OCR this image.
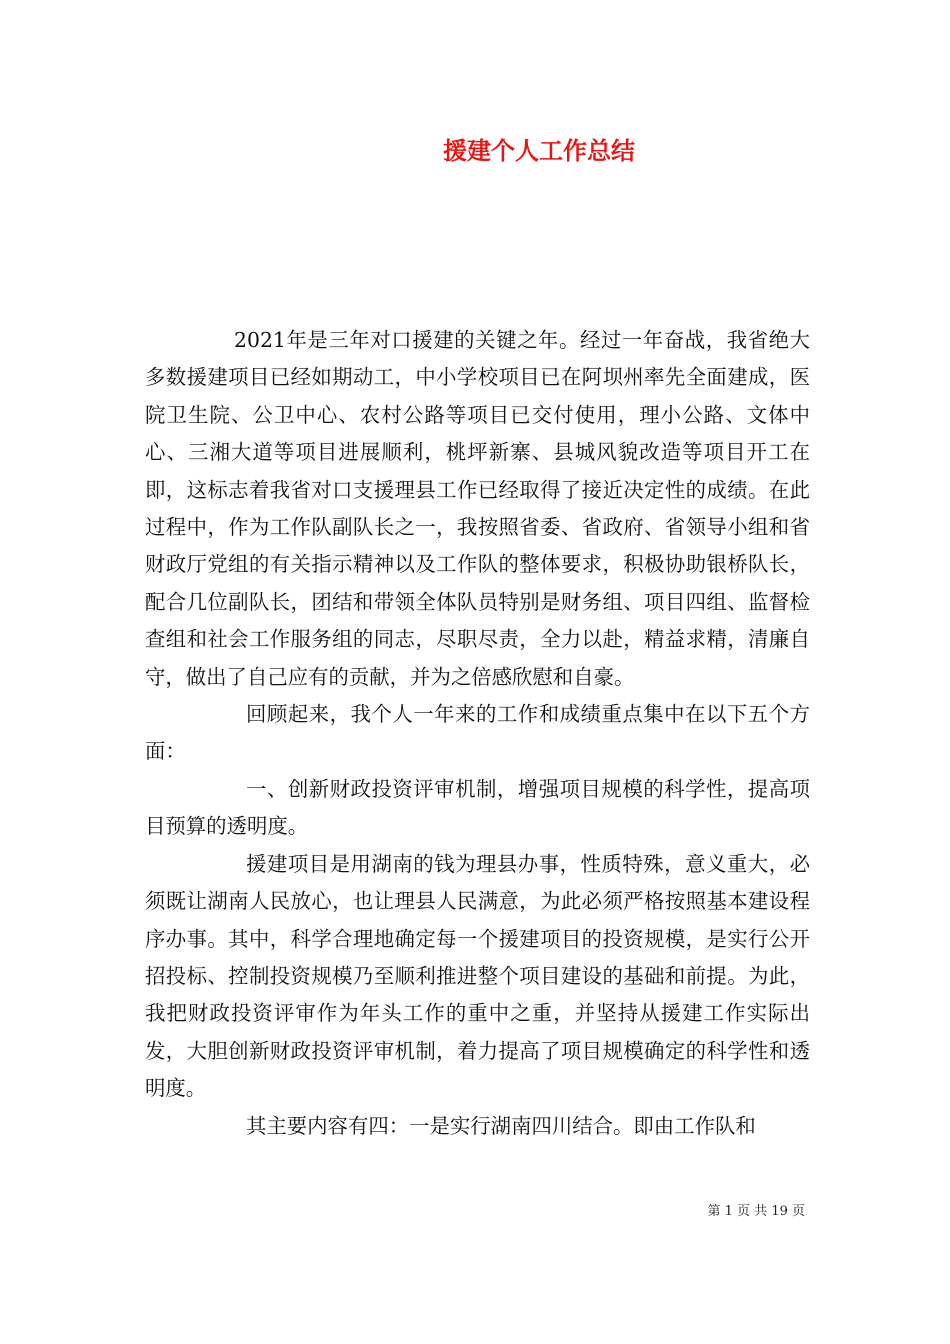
援建个人工作总结

2021年是三年对口援建的关键之年。经过一年奋战，我省绝大多数援建项目已经如期动工，中小学校项目已在阿坝州率先全面建成，医院卫生院、公卫中心、农村公路等项目已交付使用，理小公路、文体中心、三湘大道等项目进展顺利，桃坪新寨、县城风貌改造等项目开工在即，这标志着我省对口支援理县工作已经取得了接近决定性的成绩。在此过程中，作为工作队副队长之一，我按照省委、省政府、省领导小组和省财政厅党组的有关指示精神以及工作队的整体要求，积极协助银桥队长，配合几位副队长，团结和带领全体队员特别是财务组、项目四组、监督检查组和社会工作服务组的同志，尽职尽责，全力以赴，精益求精，清廉自守，做出了自己应有的贡献，并为之倍感欣慰和自豪。

回顾起来，我个人一年来的工作和成绩重点集中在以下五个方面：

一、创新财政投资评审机制，增强项目规模的科学性，提高项目预算的透明度。

援建项目是用湖南的钱为理县办事，性质特殊，意义重大，必须既让湖南人民放心，也让理县人民满意，为此必须严格按照基本建设程序办事。其中，科学合理地确定每一个援建项目的投资规模，是实行公开招投标、控制投资规模乃至顺利推进整个项目建设的基础和前提。为此，我把财政投资评审作为年头工作的重中之重，并坚持从援建工作实际出发，大胆创新财政投资评审机制，着力提高了项目规模确定的科学性和透明度。

其主要内容有四：一是实行湖南四川结合。即由工作队和

第 1 页 共 19 页
